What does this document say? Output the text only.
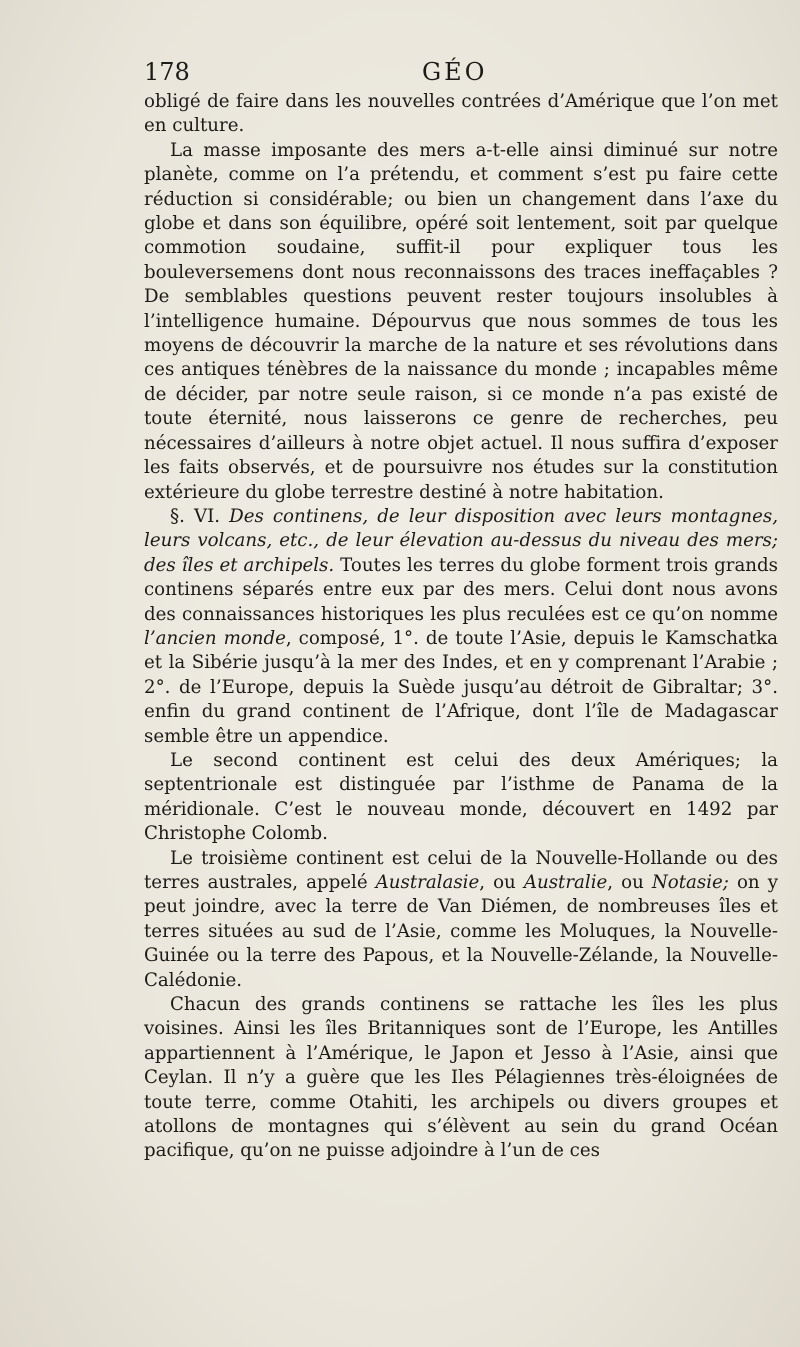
178	GÉO

obligé de faire dans les nouvelles contrées d’Amérique que l’on met en culture.

La masse imposante des mers a-t-elle ainsi diminué sur notre planète, comme on l’a prétendu, et comment s’est pu faire cette réduction si considérable; ou bien un changement dans l’axe du globe et dans son équilibre, opéré soit lentement, soit par quelque commotion soudaine, suffit-il pour expliquer tous les bouleversemens dont nous reconnaissons des traces ineffaçables ? De semblables questions peuvent rester toujours insolubles à l’intelligence humaine. Dépourvus que nous sommes de tous les moyens de découvrir la marche de la nature et ses révolutions dans ces antiques ténèbres de la naissance du monde ; incapables même de décider, par notre seule raison, si ce monde n’a pas existé de toute éternité, nous laisserons ce genre de recherches, peu nécessaires d’ailleurs à notre objet actuel. Il nous suffira d’exposer les faits observés, et de poursuivre nos études sur la constitution extérieure du globe terrestre destiné à notre habitation.

§. VI. Des continens, de leur disposition avec leurs montagnes, leurs volcans, etc., de leur élevation au-dessus du niveau des mers; des îles et archipels. Toutes les terres du globe forment trois grands continens séparés entre eux par des mers. Celui dont nous avons des connaissances historiques les plus reculées est ce qu’on nomme l’ancien monde, composé, 1°. de toute l’Asie, depuis le Kamschatka et la Sibérie jusqu’à la mer des Indes, et en y comprenant l’Arabie ; 2°. de l’Europe, depuis la Suède jusqu’au détroit de Gibraltar; 3°. enfin du grand continent de l’Afrique, dont l’île de Madagascar semble être un appendice.

Le second continent est celui des deux Amériques; la septentrionale est distinguée par l’isthme de Panama de la méridionale. C’est le nouveau monde, découvert en 1492 par Christophe Colomb.

Le troisième continent est celui de la Nouvelle-Hollande ou des terres australes, appelé Australasie, ou Australie, ou Notasie; on y peut joindre, avec la terre de Van Diémen, de nombreuses îles et terres situées au sud de l’Asie, comme les Moluques, la Nouvelle-Guinée ou la terre des Papous, et la Nouvelle-Zélande, la Nouvelle-Calédonie.

Chacun des grands continens se rattache les îles les plus voisines. Ainsi les îles Britanniques sont de l’Europe, les Antilles appartiennent à l’Amérique, le Japon et Jesso à l’Asie, ainsi que Ceylan. Il n’y a guère que les Iles Pélagiennes très-éloignées de toute terre, comme Otahiti, les archipels ou divers groupes et atollons de montagnes qui s’élèvent au sein du grand Océan pacifique, qu’on ne puisse adjoindre à l’un de ces
